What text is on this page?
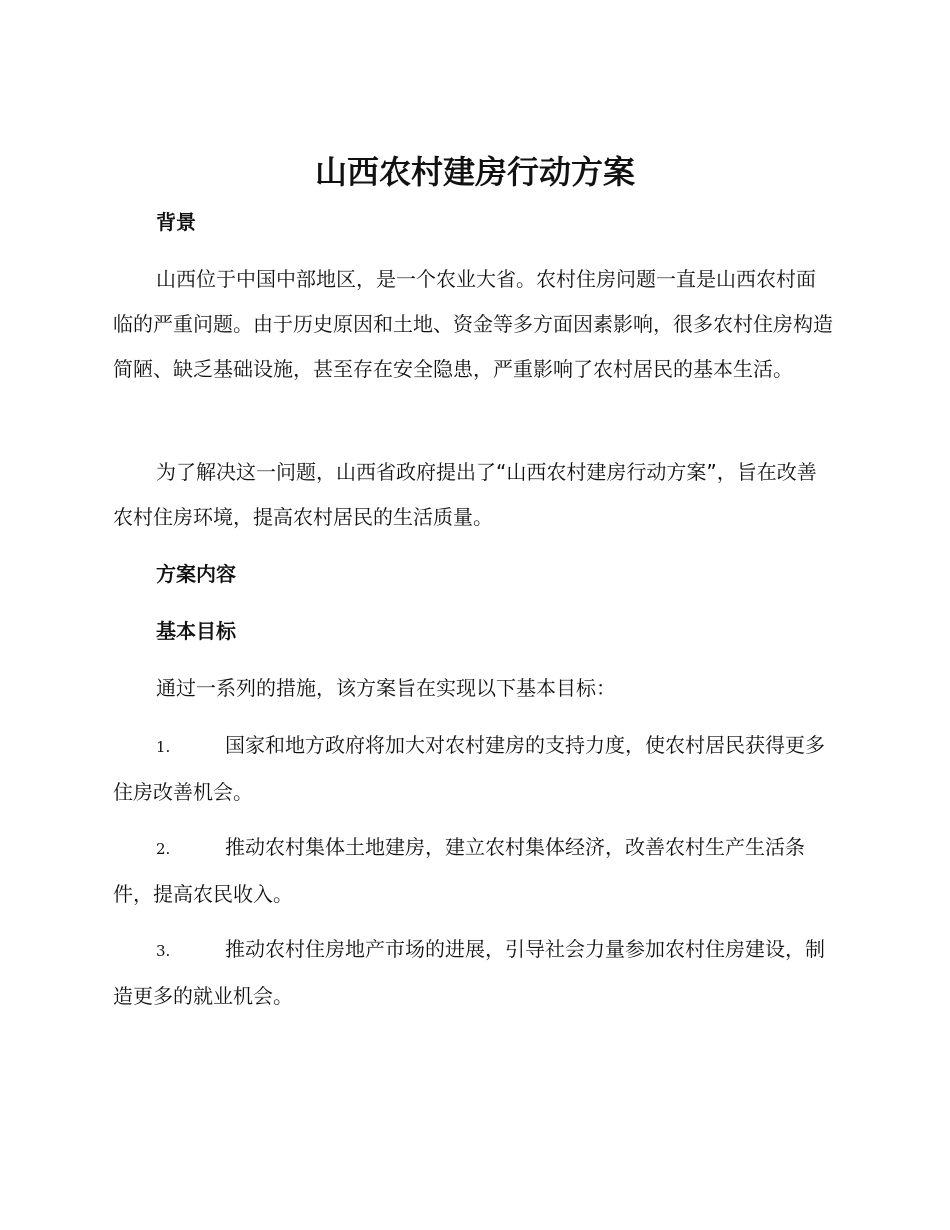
山西农村建房行动方案
背景

山西位于中国中部地区，是一个农业大省。农村住房问题一直是山西农村面临的严重问题。由于历史原因和土地、资金等多方面因素影响，很多农村住房构造简陋、缺乏基础设施，甚至存在安全隐患，严重影响了农村居民的基本生活。

为了解决这一问题，山西省政府提出了“山西农村建房行动方案”，旨在改善农村住房环境，提高农村居民的生活质量。

方案内容
基本目标

通过一系列的措施，该方案旨在实现以下基本目标：

1.	国家和地方政府将加大对农村建房的支持力度，使农村居民获得更多住房改善机会。

2.	推动农村集体土地建房，建立农村集体经济，改善农村生产生活条件，提高农民收入。

3.	推动农村住房地产市场的进展，引导社会力量参加农村住房建设，制造更多的就业机会。
